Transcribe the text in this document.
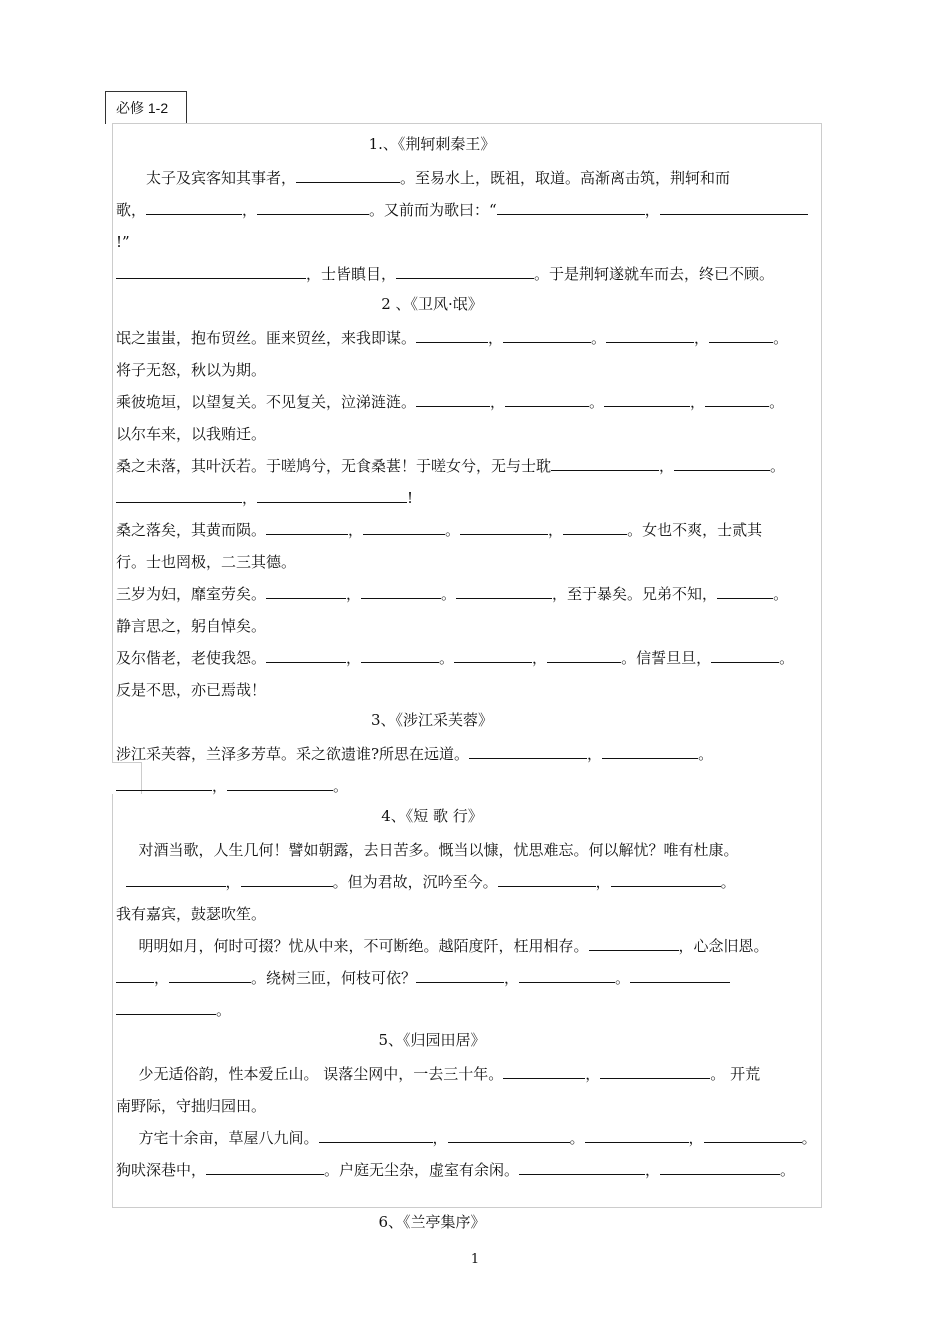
必修 1-2
1.、《荆轲刺秦王》

太子及宾客知其事者，	。至易水上，既祖，取道。高渐离击筑，荆轲和而

歌，	，	。又前而为歌曰：“	，!”

，士皆瞋目，	。于是荆轲遂就车而去，终已不顾。

2 、《卫风·氓》

氓之蚩蚩，抱布贸丝。匪来贸丝，来我即谋。	，	。	，	。

将子无怒，秋以为期。

乘彼垝垣，以望复关。不见复关，泣涕涟涟。	，	。	，	。

以尔车来，以我贿迁。

桑之未落，其叶沃若。于嗟鸠兮，无食桑葚！于嗟女兮，无与士耽	，	。

，	!

桑之落矣，其黄而陨。	，	。	，	。女也不爽，士贰其

行。士也罔极，二三其德。

三岁为妇，靡室劳矣。	，	。	，至于暴矣。兄弟不知，	。

静言思之，躬自悼矣。

及尔偕老，老使我怨。	，	。	，	。信誓旦旦，	。

反是不思，亦已焉哉！

3、《涉江采芙蓉》

涉江采芙蓉，兰泽多芳草。采之欲遗谁?所思在远道。	，	。

，	。

4、《短 歌 行》

对酒当歌，人生几何！譬如朝露，去日苦多。慨当以慷，忧思难忘。何以解忧？唯有杜康。

，	。但为君故，沉吟至今。	，	。

我有嘉宾，鼓瑟吹笙。

明明如月，何时可掇？忧从中来，不可断绝。越陌度阡，枉用相存。	，心念旧恩。

，	。绕树三匝，何枝可依？	，	。

。

5、《归园田居》

少无适俗韵，性本爱丘山。 误落尘网中，一去三十年。	，	。 开荒

南野际，守拙归园田。

方宅十余亩，草屋八九间。	，	。	，	。

狗吠深巷中，	。户庭无尘杂，虚室有余闲。	，	。

6、《兰亭集序》
1
